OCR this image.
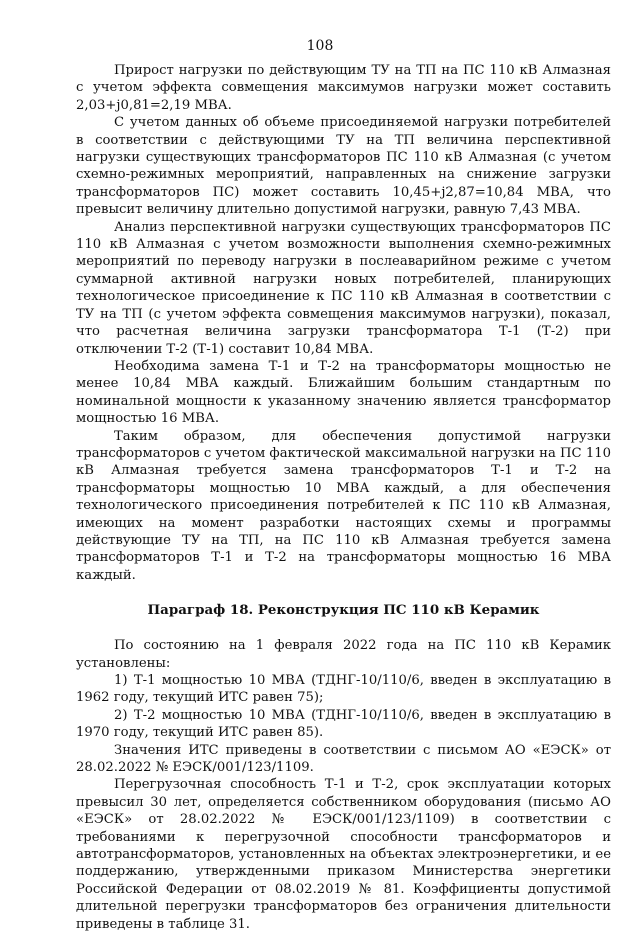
108

Прирост нагрузки по действующим ТУ на ТП на ПС 110 кВ Алмазная с учетом эффекта совмещения максимумов нагрузки может составить 2,03+j0,81=2,19 МВА.

С учетом данных об объеме присоединяемой нагрузки потребителей в соответствии с действующими ТУ на ТП величина перспективной нагрузки существующих трансформаторов ПС 110 кВ Алмазная (с учетом схемно-режимных мероприятий, направленных на снижение загрузки трансформаторов ПС) может составить 10,45+j2,87=10,84 МВА, что превысит величину длительно допустимой нагрузки, равную 7,43 МВА.

Анализ перспективной нагрузки существующих трансформаторов ПС 110 кВ Алмазная с учетом возможности выполнения схемно-режимных мероприятий по переводу нагрузки в послеаварийном режиме с учетом суммарной активной нагрузки новых потребителей, планирующих технологическое присоединение к ПС 110 кВ Алмазная в соответствии с ТУ на ТП (с учетом эффекта совмещения максимумов нагрузки), показал, что расчетная величина загрузки трансформатора Т-1 (Т-2) при отключении Т-2 (Т-1) составит 10,84 МВА.

Необходима замена Т-1 и Т-2 на трансформаторы мощностью не менее 10,84 МВА каждый. Ближайшим большим стандартным по номинальной мощности к указанному значению является трансформатор мощностью 16 МВА.

Таким образом, для обеспечения допустимой нагрузки трансформаторов с учетом фактической максимальной нагрузки на ПС 110 кВ Алмазная требуется замена трансформаторов Т-1 и Т-2 на трансформаторы мощностью 10 МВА каждый, а для обеспечения технологического присоединения потребителей к ПС 110 кВ Алмазная, имеющих на момент разработки настоящих схемы и программы действующие ТУ на ТП, на ПС 110 кВ Алмазная требуется замена трансформаторов Т-1 и Т-2 на трансформаторы мощностью 16 МВА каждый.

Параграф 18. Реконструкция ПС 110 кВ Керамик

По состоянию на 1 февраля 2022 года на ПС 110 кВ Керамик установлены:

1) Т-1 мощностью 10 МВА (ТДНГ-10/110/6, введен в эксплуатацию в 1962 году, текущий ИТС равен 75);

2) Т-2 мощностью 10 МВА (ТДНГ-10/110/6, введен в эксплуатацию в 1970 году, текущий ИТС равен 85).

Значения ИТС приведены в соответствии с письмом АО «ЕЭСК» от 28.02.2022 № ЕЭСК/001/123/1109.

Перегрузочная способность Т-1 и Т-2, срок эксплуатации которых превысил 30 лет, определяется собственником оборудования (письмо АО «ЕЭСК» от 28.02.2022 № ЕЭСК/001/123/1109) в соответствии с требованиями к перегрузочной способности трансформаторов и автотрансформаторов, установленных на объектах электроэнергетики, и ее поддержанию, утвержденными приказом Министерства энергетики Российской Федерации от 08.02.2019 № 81. Коэффициенты допустимой длительной перегрузки трансформаторов без ограничения длительности приведены в таблице 31.
